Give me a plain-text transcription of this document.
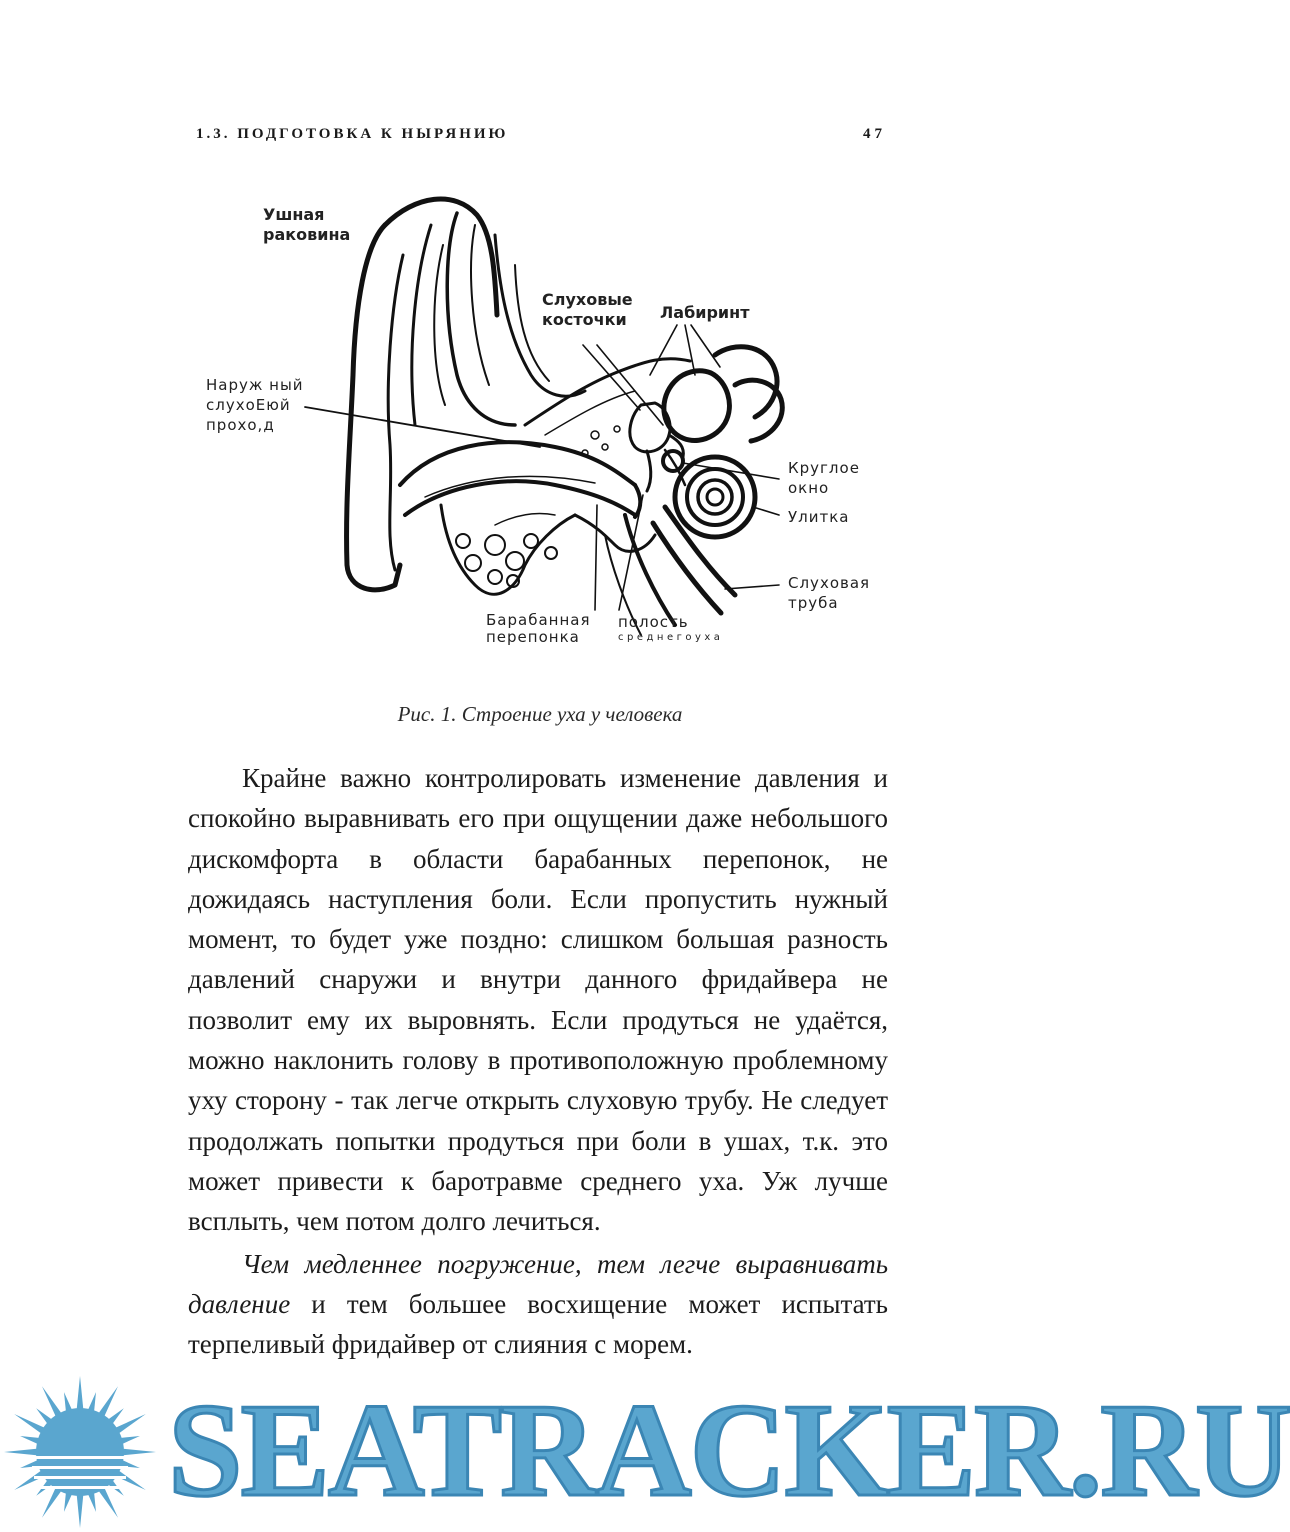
1.3. ПОДГОТОВКА К НЫРЯНИЮ	47
Ушная
раковина
Слуховые
косточки	Лабиринт
Наруж ный
слухоЕюй
прохо,д
Круглое
окно
Улитка
Слуховая
труба
Барабанная
перепонка
полость
среднегоуха
Рис. 1. Строение уха у человека

Крайне важно контролировать изменение давления и спокойно выравнивать его при ощущении даже небольшого дискомфорта в области барабанных перепонок, не дожидаясь наступления боли. Если пропустить нужный момент, то будет уже поздно: слишком большая разность давлений снаружи и внутри данного фридайвера не позволит ему их выровнять. Если продуться не удаётся, можно наклонить голову в противоположную проблемному уху сторону - так легче открыть слуховую трубу. Не следует продолжать попытки продуться при боли в ушах, т.к. это может привести к баротравме среднего уха. Уж лучше всплыть, чем потом долго лечиться.

Чем медленнее погружение, тем легче выравнивать давление и тем большее восхищение может испытать терпеливый фридайвер от слияния с морем.

SEATRACKER.RU
